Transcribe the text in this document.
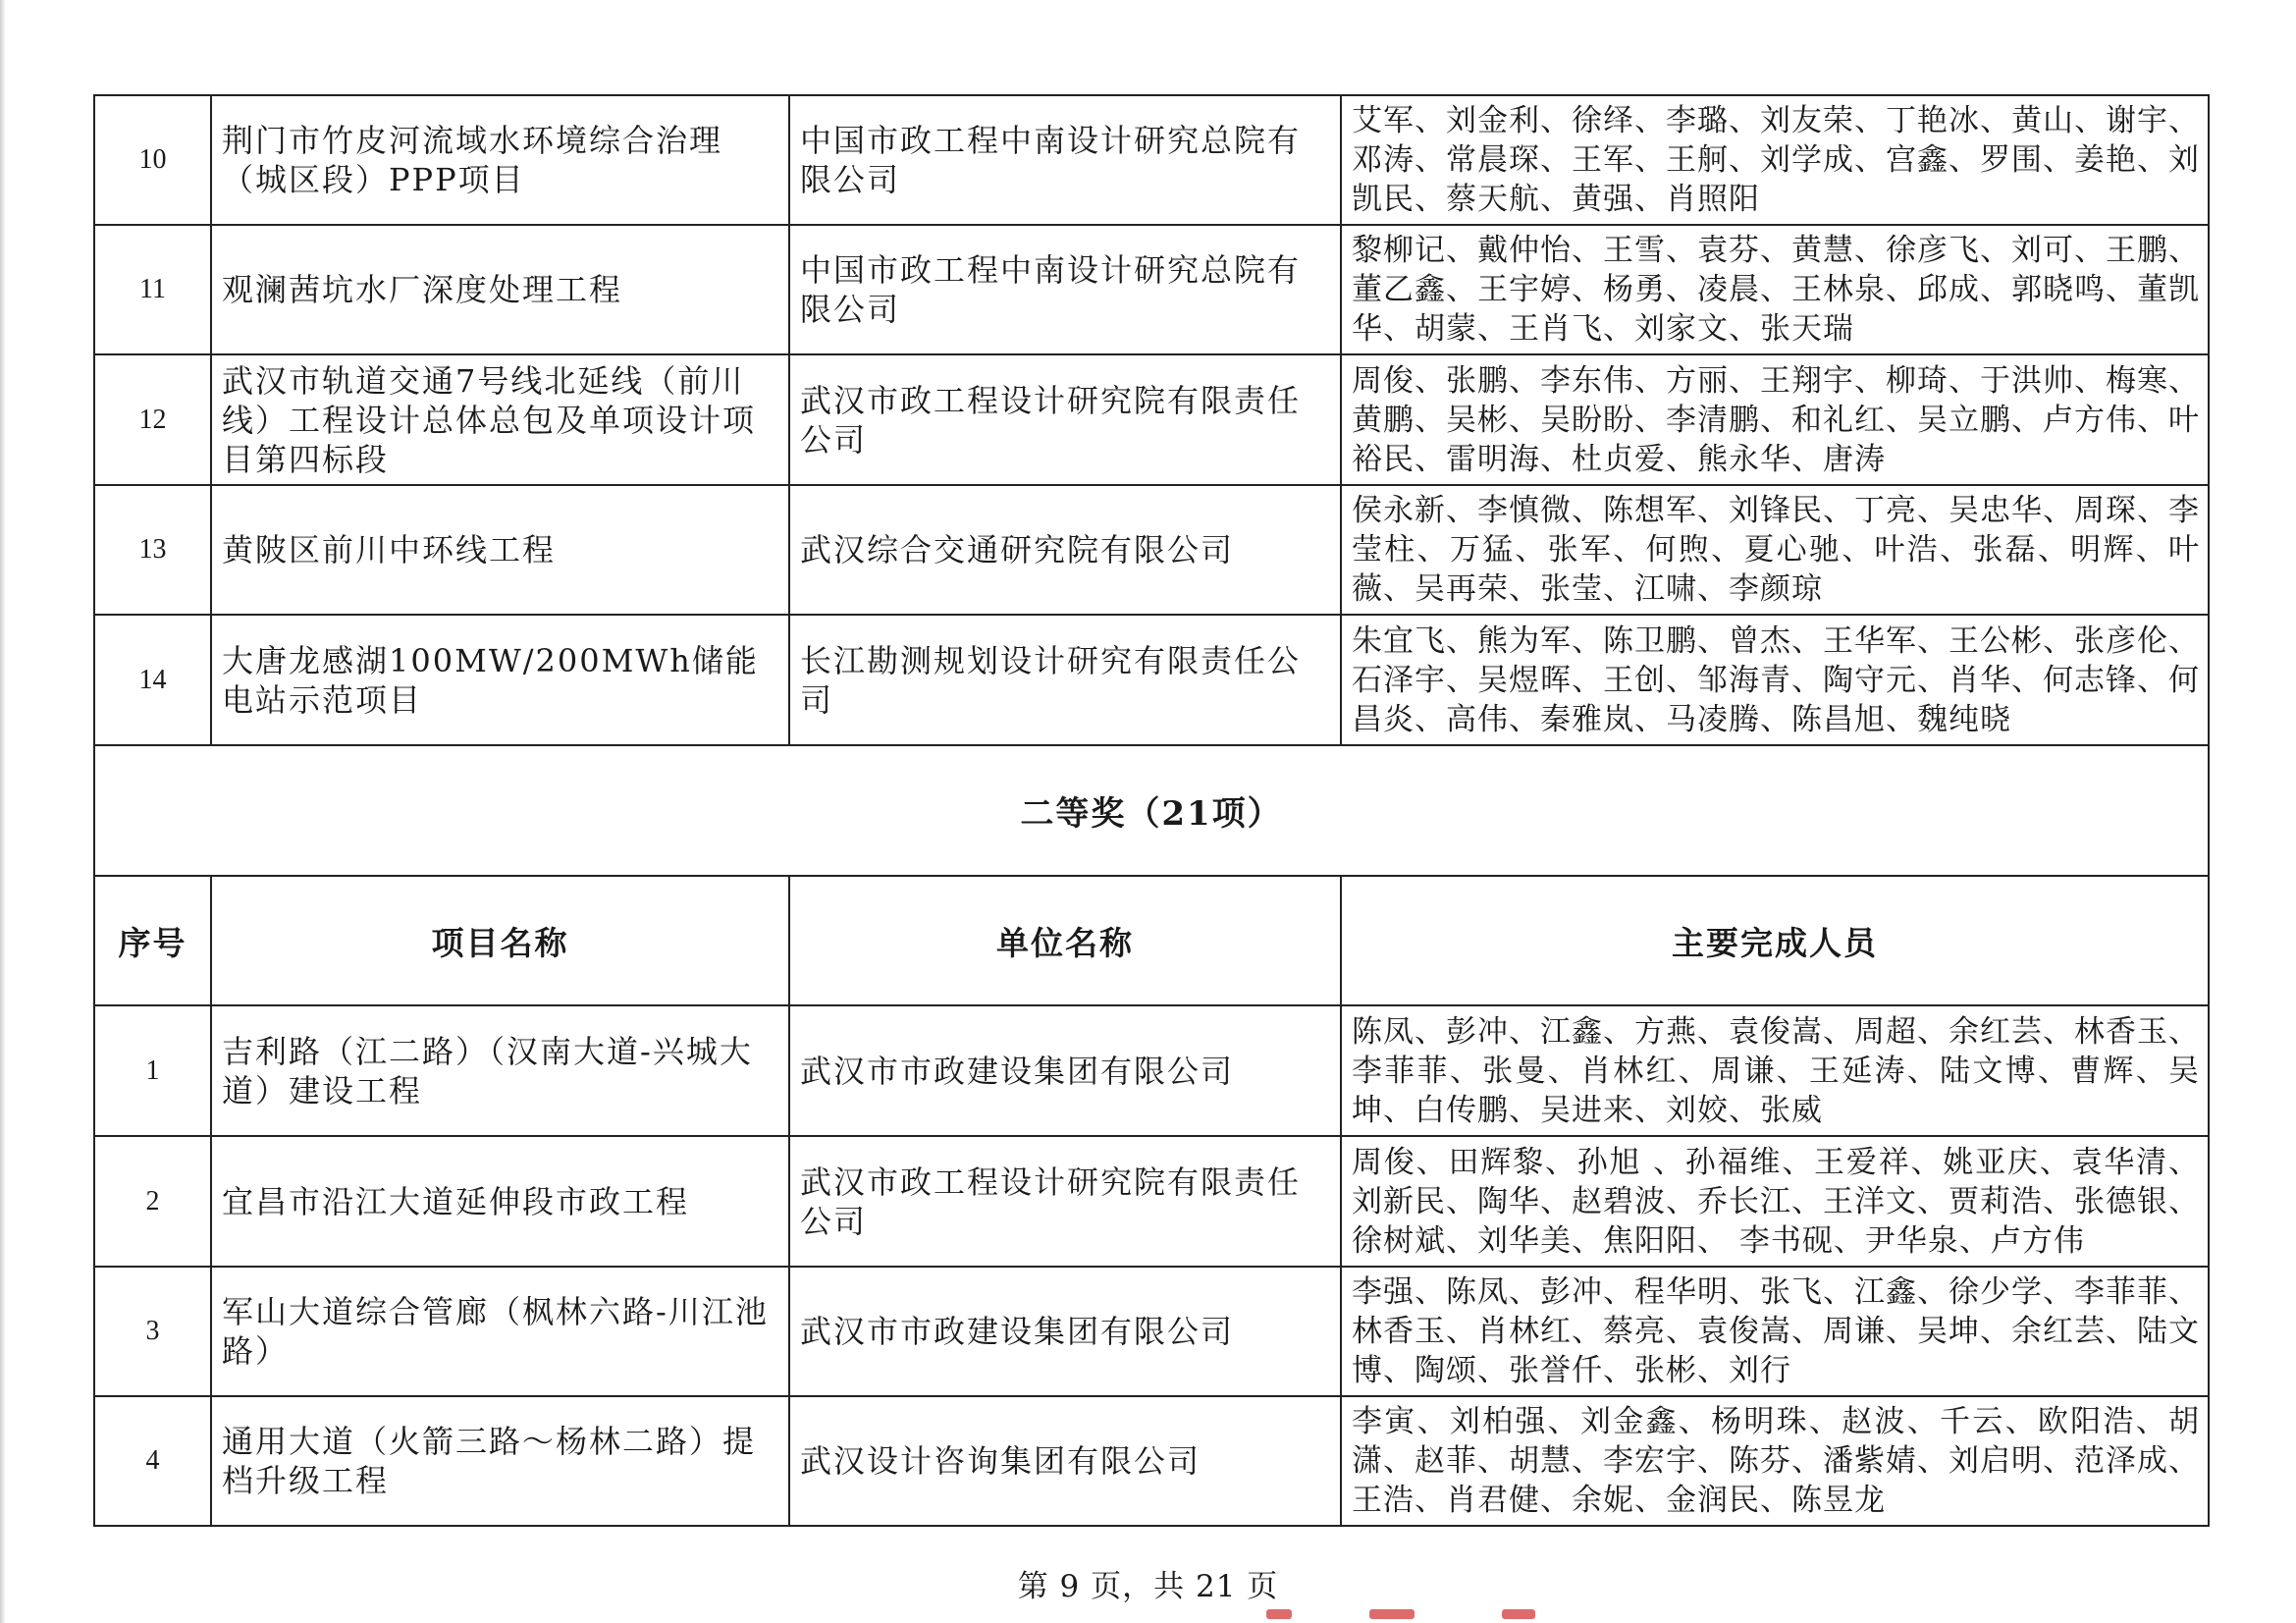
10	荆门市竹皮河流域水环境综合治理（城区段）PPP项目	中国市政工程中南设计研究总院有限公司	艾军、刘金利、徐绎、李璐、刘友荣、丁艳冰、黄山、谢宇、邓涛、常晨琛、王军、王舸、刘学成、宫鑫、罗围、姜艳、刘凯民、蔡天航、黄强、肖照阳
11	观澜茜坑水厂深度处理工程	中国市政工程中南设计研究总院有限公司	黎柳记、戴仲怡、王雪、袁芬、黄慧、徐彦飞、刘可、王鹏、董乙鑫、王宇婷、杨勇、凌晨、王林泉、邱成、郭晓鸣、董凯华、胡蒙、王肖飞、刘家文、张天瑞
12	武汉市轨道交通7号线北延线（前川线）工程设计总体总包及单项设计项目第四标段	武汉市政工程设计研究院有限责任公司	周俊、张鹏、李东伟、方丽、王翔宇、柳琦、于洪帅、梅寒、黄鹏、吴彬、吴盼盼、李清鹏、和礼红、吴立鹏、卢方伟、叶裕民、雷明海、杜贞爱、熊永华、唐涛
13	黄陂区前川中环线工程	武汉综合交通研究院有限公司	侯永新、李慎微、陈想军、刘锋民、丁亮、吴忠华、周琛、李莹柱、万猛、张军、何煦、夏心驰、叶浩、张磊、明辉、叶薇、吴再荣、张莹、江啸、李颜琼
14	大唐龙感湖100MW/200MWh储能电站示范项目	长江勘测规划设计研究有限责任公司	朱宜飞、熊为军、陈卫鹏、曾杰、王华军、王公彬、张彦伦、石泽宇、吴煜晖、王创、邹海青、陶守元、肖华、何志锋、何昌炎、高伟、秦雅岚、马凌腾、陈昌旭、魏纯晓
二等奖（21项）			
序号	项目名称	单位名称	主要完成人员
1	吉利路（江二路）（汉南大道-兴城大道）建设工程	武汉市市政建设集团有限公司	陈凤、彭冲、江鑫、方燕、袁俊嵩、周超、余红芸、林香玉、李菲菲、张曼、肖林红、周谦、王延涛、陆文博、曹辉、吴坤、白传鹏、吴进来、刘姣、张威
2	宜昌市沿江大道延伸段市政工程	武汉市政工程设计研究院有限责任公司	周俊、田辉黎、孙旭 、孙福维、王爱祥、姚亚庆、袁华清、刘新民、陶华、赵碧波、乔长江、王洋文、贾莉浩、张德银、徐树斌、刘华美、焦阳阳、 李书砚、尹华泉、卢方伟
3	军山大道综合管廊（枫林六路-川江池路）	武汉市市政建设集团有限公司	李强、陈凤、彭冲、程华明、张飞、江鑫、徐少学、李菲菲、林香玉、肖林红、蔡亮、袁俊嵩、周谦、吴坤、余红芸、陆文博、陶颂、张誉仟、张彬、刘行
4	通用大道（火箭三路～杨林二路）提档升级工程	武汉设计咨询集团有限公司	李寅、刘柏强、刘金鑫、杨明珠、赵波、千云、欧阳浩、胡潇、赵菲、胡慧、李宏宇、陈芬、潘紫婧、刘启明、范泽成、王浩、肖君健、余妮、金润民、陈昱龙
第 9 页，共 21 页
